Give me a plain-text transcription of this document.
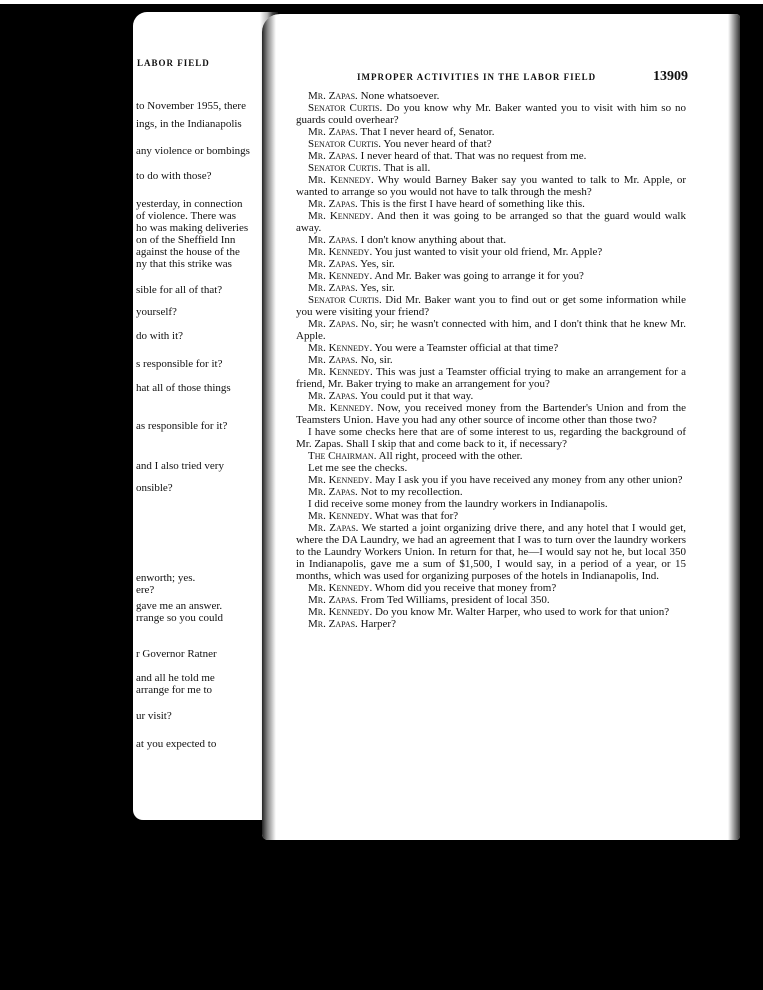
LABOR FIELD
to November 1955, there
ings, in the Indianapolis
any violence or bombings
to do with those?
yesterday, in connection
of violence. There was
ho was making deliveries
on of the Sheffield Inn
against the house of the
ny that this strike was
sible for all of that?
yourself?
do with it?
s responsible for it?
hat all of those things
as responsible for it?
and I also tried very
onsible?
enworth; yes.
ere?
gave me an answer.
rrange so you could
r Governor Ratner
and all he told me
arrange for me to
ur visit?
at you expected to
IMPROPER ACTIVITIES IN THE LABOR FIELD	13909

Mr. Zapas. None whatsoever.

Senator Curtis. Do you know why Mr. Baker wanted you to visit with him so no guards could overhear?

Mr. Zapas. That I never heard of, Senator.

Senator Curtis. You never heard of that?

Mr. Zapas. I never heard of that. That was no request from me.

Senator Curtis. That is all.

Mr. Kennedy. Why would Barney Baker say you wanted to talk to Mr. Apple, or wanted to arrange so you would not have to talk through the mesh?

Mr. Zapas. This is the first I have heard of something like this.

Mr. Kennedy. And then it was going to be arranged so that the guard would walk away.

Mr. Zapas. I don't know anything about that.

Mr. Kennedy. You just wanted to visit your old friend, Mr. Apple?

Mr. Zapas. Yes, sir.

Mr. Kennedy. And Mr. Baker was going to arrange it for you?

Mr. Zapas. Yes, sir.

Senator Curtis. Did Mr. Baker want you to find out or get some information while you were visiting your friend?

Mr. Zapas. No, sir; he wasn't connected with him, and I don't think that he knew Mr. Apple.

Mr. Kennedy. You were a Teamster official at that time?

Mr. Zapas. No, sir.

Mr. Kennedy. This was just a Teamster official trying to make an arrangement for a friend, Mr. Baker trying to make an arrangement for you?

Mr. Zapas. You could put it that way.

Mr. Kennedy. Now, you received money from the Bartender's Union and from the Teamsters Union. Have you had any other source of income other than those two?

I have some checks here that are of some interest to us, regarding the background of Mr. Zapas. Shall I skip that and come back to it, if necessary?

The Chairman. All right, proceed with the other.

Let me see the checks.

Mr. Kennedy. May I ask you if you have received any money from any other union?

Mr. Zapas. Not to my recollection.

I did receive some money from the laundry workers in Indianapolis.

Mr. Kennedy. What was that for?

Mr. Zapas. We started a joint organizing drive there, and any hotel that I would get, where the DA Laundry, we had an agreement that I was to turn over the laundry workers to the Laundry Workers Union. In return for that, he—I would say not he, but local 350 in Indianapolis, gave me a sum of $1,500, I would say, in a period of a year, or 15 months, which was used for organizing purposes of the hotels in Indianapolis, Ind.

Mr. Kennedy. Whom did you receive that money from?

Mr. Zapas. From Ted Williams, president of local 350.

Mr. Kennedy. Do you know Mr. Walter Harper, who used to work for that union?

Mr. Zapas. Harper?
